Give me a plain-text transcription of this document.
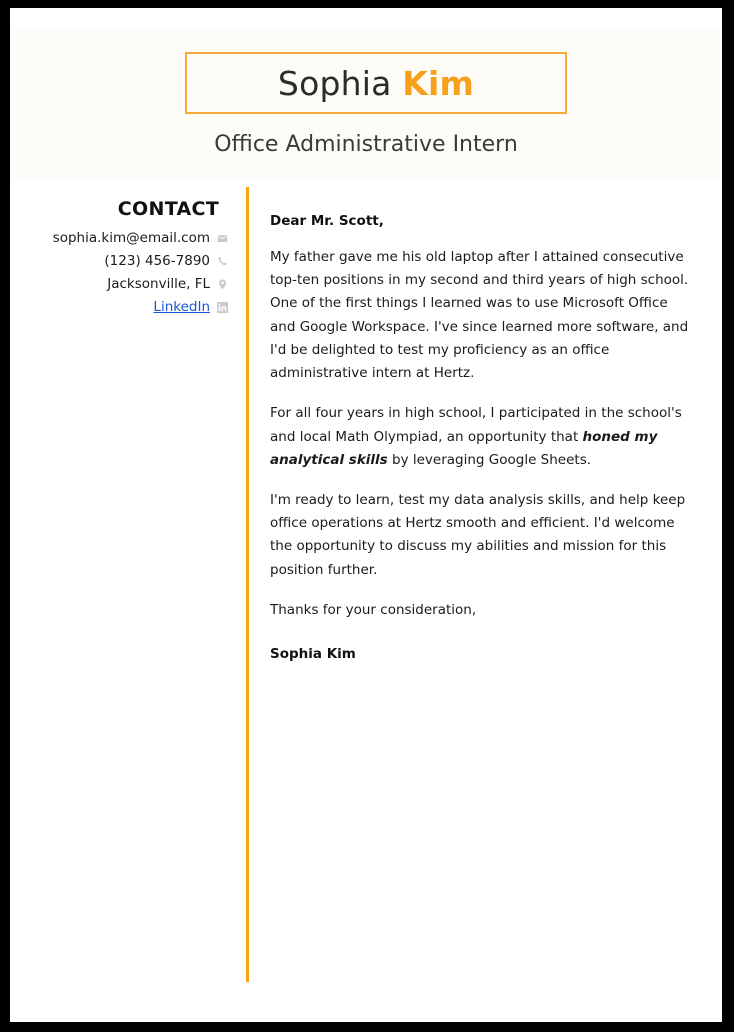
Sophia Kim
Office Administrative Intern
CONTACT
sophia.kim@email.com
(123) 456-7890
Jacksonville, FL
LinkedIn

Dear Mr. Scott,

My father gave me his old laptop after I attained consecutive top-ten positions in my second and third years of high school. One of the first things I learned was to use Microsoft Office and Google Workspace. I've since learned more software, and I'd be delighted to test my proficiency as an office administrative intern at Hertz.

For all four years in high school, I participated in the school's and local Math Olympiad, an opportunity that honed my analytical skills by leveraging Google Sheets.

I'm ready to learn, test my data analysis skills, and help keep office operations at Hertz smooth and efficient. I'd welcome the opportunity to discuss my abilities and mission for this position further.

Thanks for your consideration,

Sophia Kim
